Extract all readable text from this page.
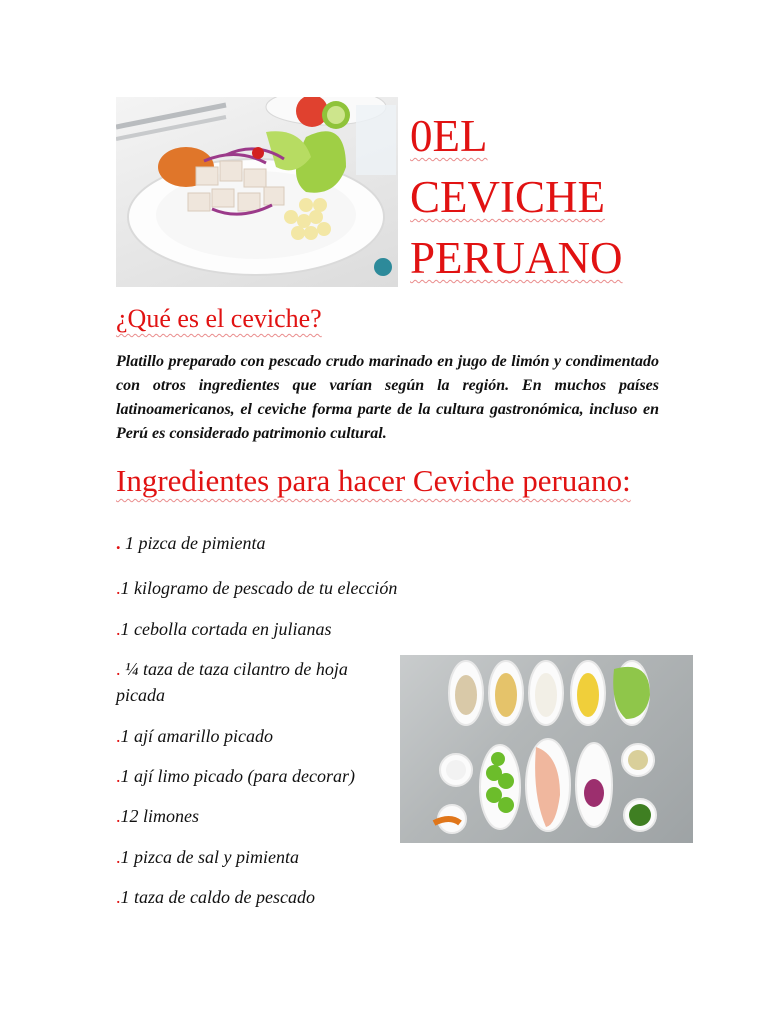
0EL
CEVICHE
PERUANO
¿Qué es el ceviche?
Platillo preparado con pescado crudo marinado en jugo de limón y condimentado con otros ingredientes que varían según la región. En muchos países latinoamericanos, el ceviche forma parte de la cultura gastronómica, incluso en Perú es considerado patrimonio cultural.
Ingredientes para hacer Ceviche peruano:
. 1 pizca de pimienta
.1 kilogramo de pescado de tu elección
.1 cebolla cortada en julianas
. ¼ taza de taza cilantro de hoja
picada
.1 ají amarillo picado
.1 ají limo picado (para decorar)
.12 limones
.1 pizca de sal y pimienta
.1 taza de caldo de pescado
